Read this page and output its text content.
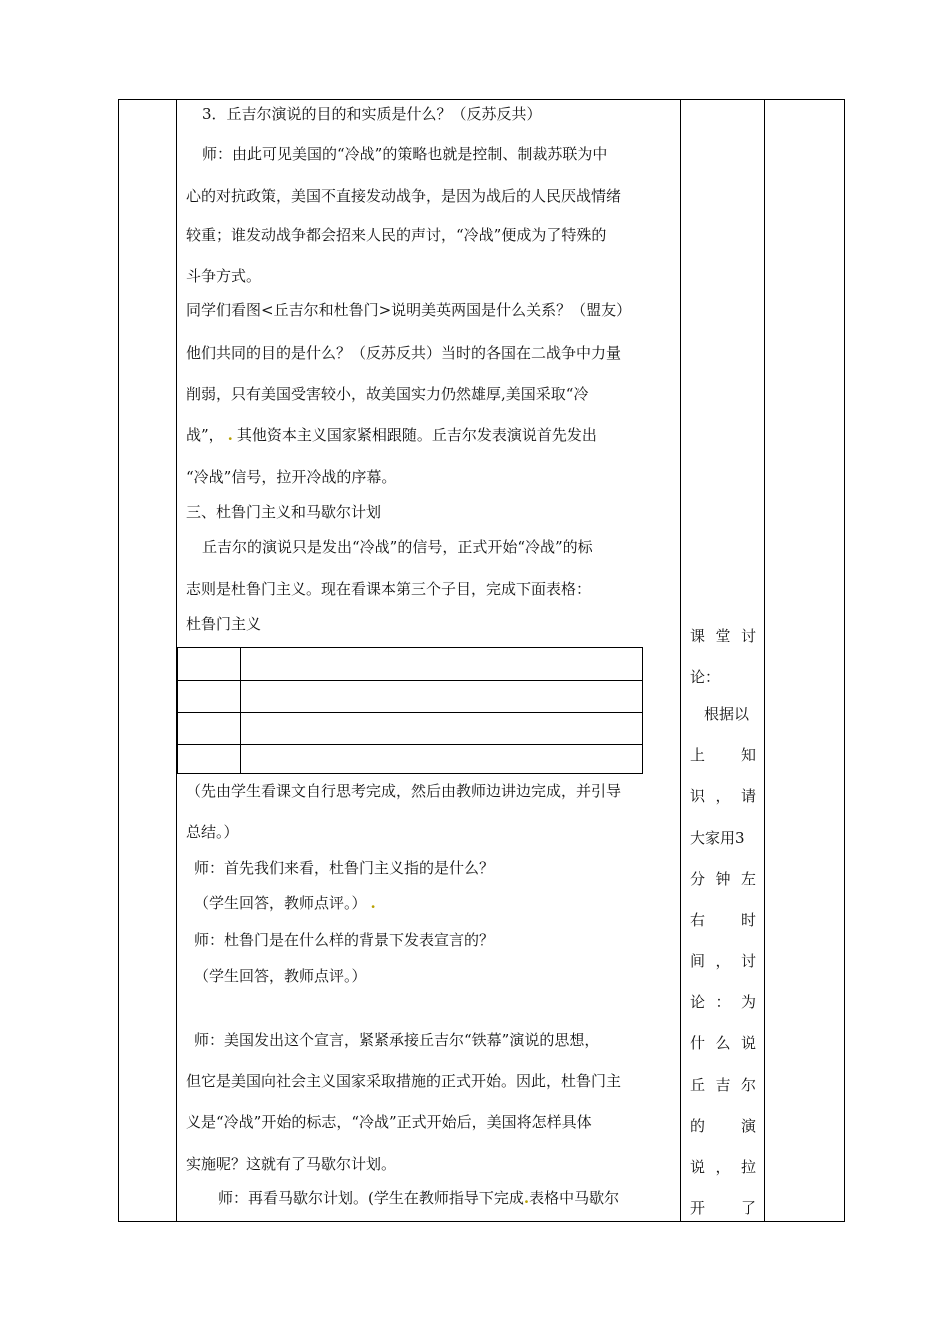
3．丘吉尔演说的目的和实质是什么？（反苏反共）
师：由此可见美国的“冷战”的策略也就是控制、制裁苏联为中
心的对抗政策，美国不直接发动战争，是因为战后的人民厌战情绪
较重；谁发动战争都会招来人民的声讨，“冷战”便成为了特殊的
斗争方式。
同学们看图<丘吉尔和杜鲁门>说明美英两国是什么关系？（盟友）
他们共同的目的是什么？（反苏反共）当时的各国在二战争中力量
削弱，只有美国受害较小，故美国实力仍然雄厚,美国采取“冷
战”， . 其他资本主义国家紧相跟随。丘吉尔发表演说首先发出
“冷战”信号，拉开冷战的序幕。
三、杜鲁门主义和马歇尔计划
丘吉尔的演说只是发出“冷战”的信号，正式开始“冷战”的标
志则是杜鲁门主义。现在看课本第三个子目，完成下面表格：
杜鲁门主义
（先由学生看课文自行思考完成，然后由教师边讲边完成，并引导
总结。）
师：首先我们来看，杜鲁门主义指的是什么？
（学生回答，教师点评。） .
师：杜鲁门是在什么样的背景下发表宣言的？
（学生回答，教师点评。）
师：美国发出这个宣言，紧紧承接丘吉尔“铁幕”演说的思想，
但它是美国向社会主义国家采取措施的正式开始。因此，杜鲁门主
义是“冷战”开始的标志，“冷战”正式开始后，美国将怎样具体
实施呢？这就有了马歇尔计划。
师：再看马歇尔计划。(学生在教师指导下完成.表格中马歇尔
课 堂 讨
论：
根据以
上 知
识 ， 请
大家用3
分 钟 左
右 时
间 ， 讨
论 ： 为
什 么 说
丘 吉 尔
的 演
说 ， 拉
开 了
